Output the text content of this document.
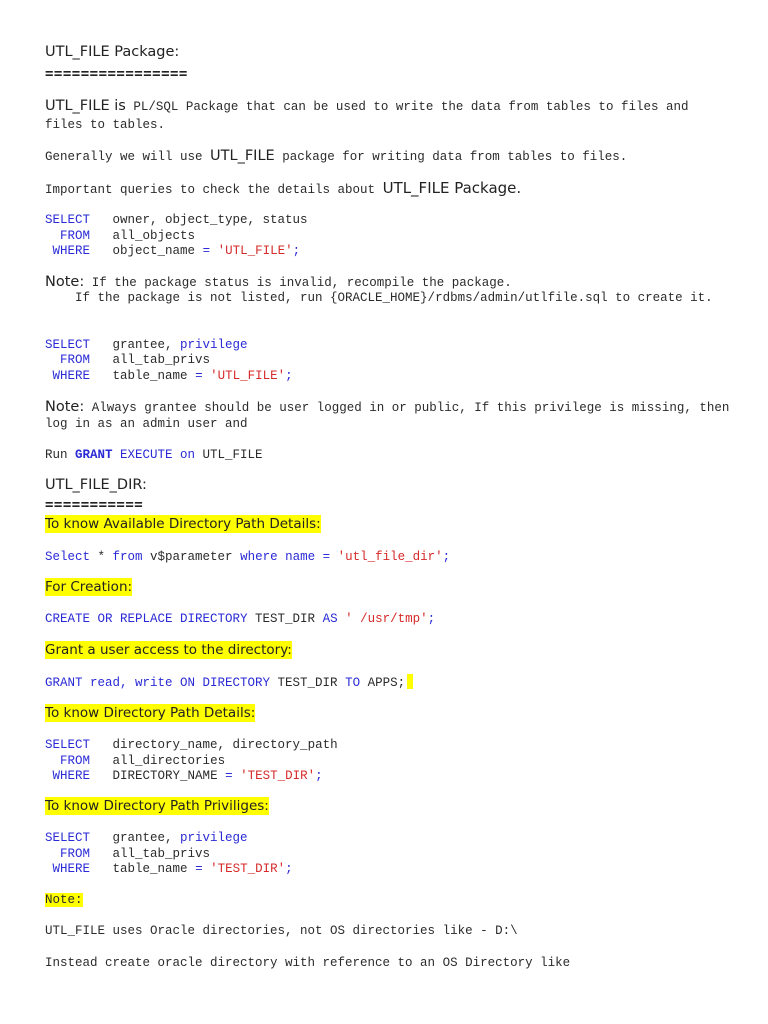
UTL_FILE Package:
================
UTL_FILE is PL/SQL Package that can be used to write the data from tables to files and
files to tables.
Generally we will use UTL_FILE package for writing data from tables to files.
Important queries to check the details about UTL_FILE Package.
SELECT owner, object_type, status
FROM all_objects
WHERE object_name = 'UTL_FILE';
Note: If the package status is invalid, recompile the package.
If the package is not listed, run {ORACLE_HOME}/rdbms/admin/utlfile.sql to create it.
SELECT grantee, privilege
FROM all_tab_privs
WHERE table_name = 'UTL_FILE';
Note: Always grantee should be user logged in or public, If this privilege is missing, then
log in as an admin user and
Run GRANT EXECUTE on UTL_FILE
UTL_FILE_DIR:
===========
To know Available Directory Path Details:
Select * from v$parameter where name = 'utl_file_dir';
For Creation:
CREATE OR REPLACE DIRECTORY TEST_DIR AS ' /usr/tmp';
Grant a user access to the directory:
GRANT read, write ON DIRECTORY TEST_DIR TO APPS;
To know Directory Path Details:
SELECT directory_name, directory_path
FROM all_directories
WHERE DIRECTORY_NAME = 'TEST_DIR';
To know Directory Path Priviliges:
SELECT grantee, privilege
FROM all_tab_privs
WHERE table_name = 'TEST_DIR';
Note:
UTL_FILE uses Oracle directories, not OS directories like - D:\
Instead create oracle directory with reference to an OS Directory like
